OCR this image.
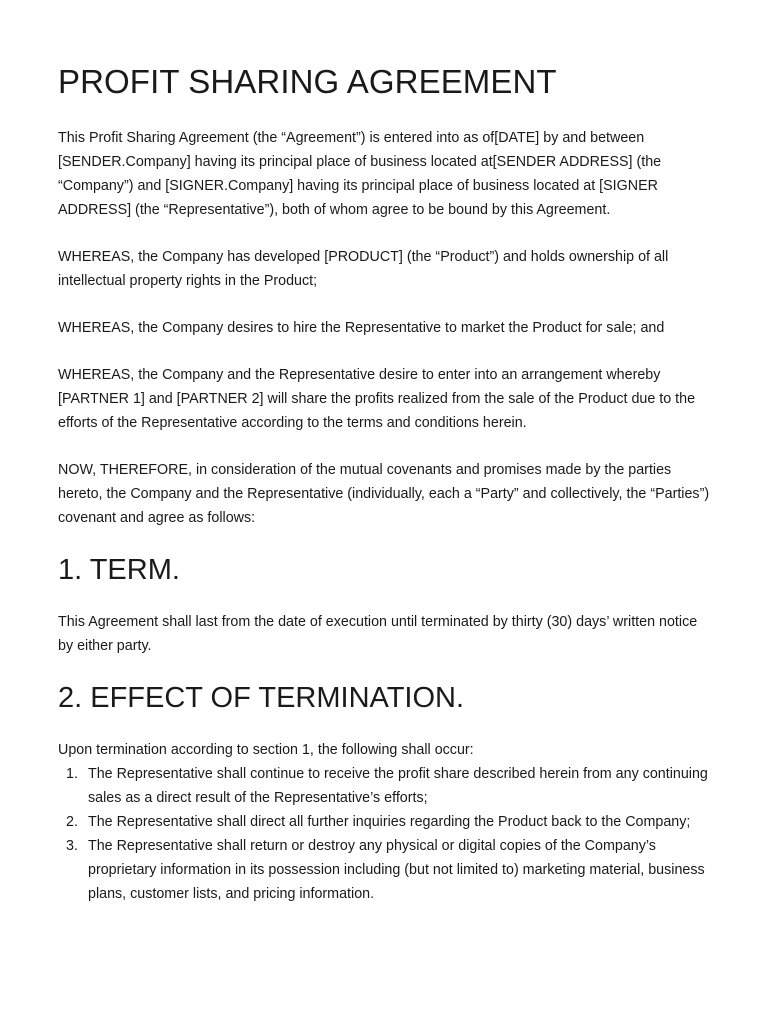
PROFIT SHARING AGREEMENT

This Profit Sharing Agreement (the “Agreement”) is entered into as of[DATE] by and between [SENDER.Company] having its principal place of business located at[SENDER ADDRESS] (the “Company”) and [SIGNER.Company] having its principal place of business located at [SIGNER ADDRESS] (the “Representative”), both of whom agree to be bound by this Agreement.

WHEREAS, the Company has developed [PRODUCT] (the “Product”) and holds ownership of all intellectual property rights in the Product;

WHEREAS, the Company desires to hire the Representative to market the Product for sale; and

WHEREAS, the Company and the Representative desire to enter into an arrangement whereby [PARTNER 1] and [PARTNER 2] will share the profits realized from the sale of the Product due to the efforts of the Representative according to the terms and conditions herein.

NOW, THEREFORE, in consideration of the mutual covenants and promises made by the parties hereto, the Company and the Representative (individually, each a “Party” and collectively, the “Parties”) covenant and agree as follows:

1. TERM.

This Agreement shall last from the date of execution until terminated by thirty (30) days’ written notice by either party.

2. EFFECT OF TERMINATION.

Upon termination according to section 1, the following shall occur:

1. The Representative shall continue to receive the profit share described herein from any continuing sales as a direct result of the Representative’s efforts;
2. The Representative shall direct all further inquiries regarding the Product back to the Company;
3. The Representative shall return or destroy any physical or digital copies of the Company’s proprietary information in its possession including (but not limited to) marketing material, business plans, customer lists, and pricing information.
